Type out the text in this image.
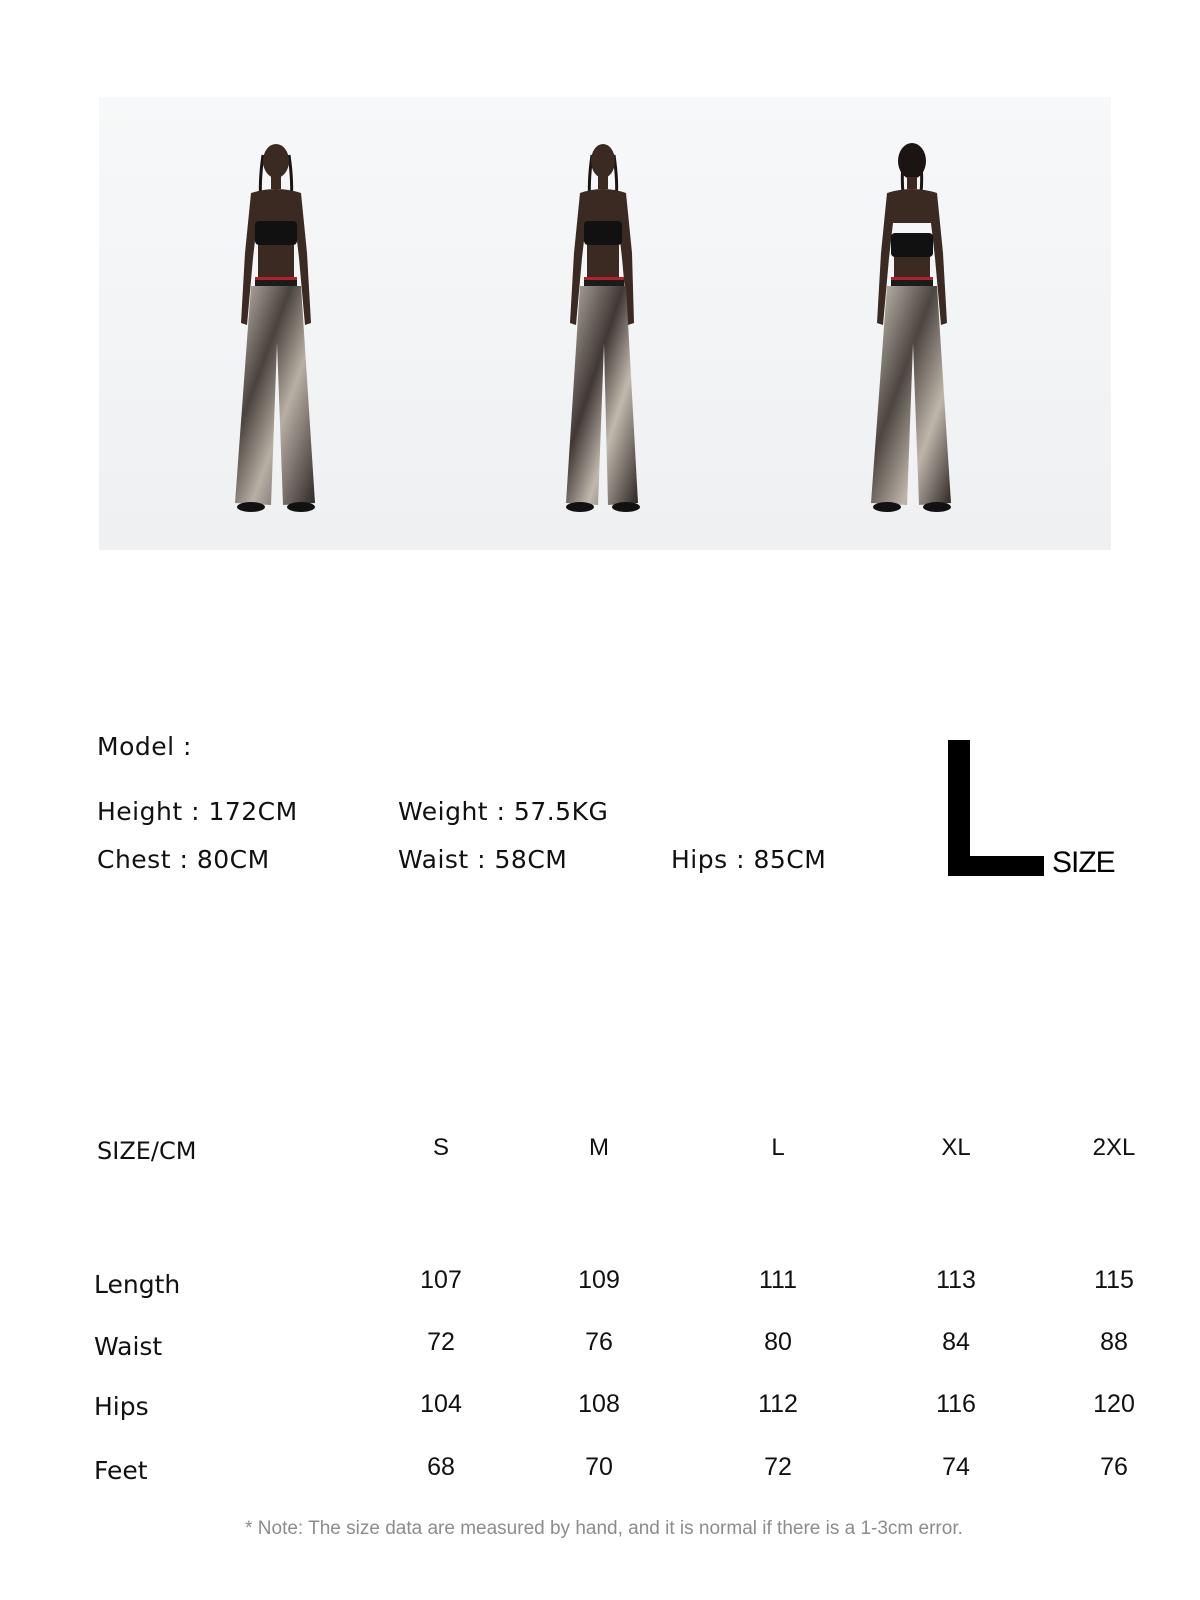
Model :
Height : 172CM	Weight : 57.5KG
Chest : 80CM	Waist : 58CM	Hips : 85CM	SIZE
SIZE/CM	S	M	L	XL	2XL
Length	107	109	111	113	115
Waist	72	76	80	84	88
Hips	104	108	112	116	120
Feet	68	70	72	74	76
* Note: The size data are measured by hand, and it is normal if there is a 1-3cm error.
